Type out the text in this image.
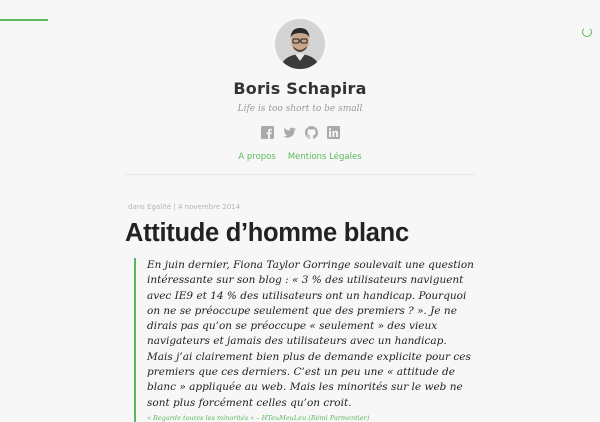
Boris Schapira

Life is too short to be small

A propos Mentions Légales
dans Egalité | 4 novembre 2014
Attitude d’homme blanc

En juin dernier, Fiona Taylor Gorringe soulevait une question intéressante sur son blog : « 3 % des utilisateurs naviguent avec IE9 et 14 % des utilisateurs ont un handicap. Pourquoi on ne se préoccupe seulement que des premiers ? ». Je ne dirais pas qu’on se préoccupe « seulement » des vieux navigateurs et jamais des utilisateurs avec un handicap. Mais j’ai clairement bien plus de demande explicite pour ces premiers que ces derniers. C’est un peu une « attitude de blanc » appliquée au web. Mais les minorités sur le web ne sont plus forcément celles qu’on croit.

« Regarde toutes les minorités » – HTeuMeuLeu (Rémi Parmentier)
